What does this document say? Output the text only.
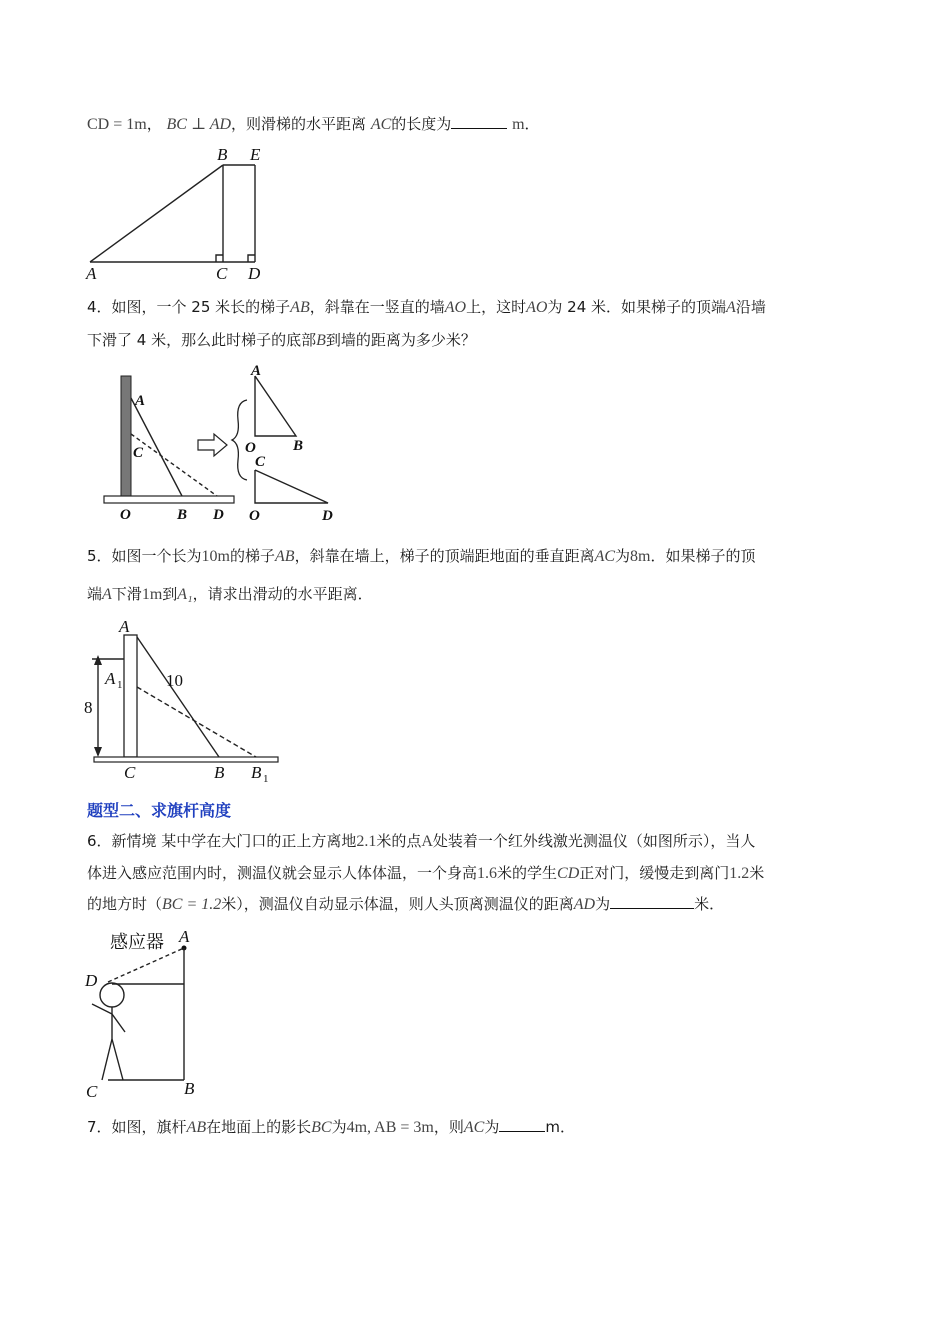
CD = 1m， BC ⊥ AD，则滑梯的水平距离 AC的长度为	m．
A
B E
C D
4．如图，一个 25 米长的梯子AB，斜靠在一竖直的墙AO上，这时AO为 24 米．如果梯子的顶端A沿墙
下滑了 4 米，那么此时梯子的底部B到墙的距离为多少米？
A
C
O	B D
A
O B
C
O	D
5．如图一个长为10m的梯子AB，斜靠在墙上，梯子的顶端距地面的垂直距离AC为8m．如果梯子的顶
端A下滑1m到A₁，请求出滑动的水平距离．
A
A 1	10
8
C	B B 1
题型二、求旗杆高度
6．新情境 某中学在大门口的正上方离地2.1米的点A处装着一个红外线激光测温仪（如图所示），当人
体进入感应范围内时，测温仪就会显示人体体温，一个身高1.6米的学生CD正对门，缓慢走到离门1.2米
的地方时（BC = 1.2米），测温仪自动显示体温，则人头顶离测温仪的距离AD为	米．
感应器 A
D
C	B
7．如图，旗杆AB在地面上的影长BC为4m, AB = 3m，则AC为	m．
